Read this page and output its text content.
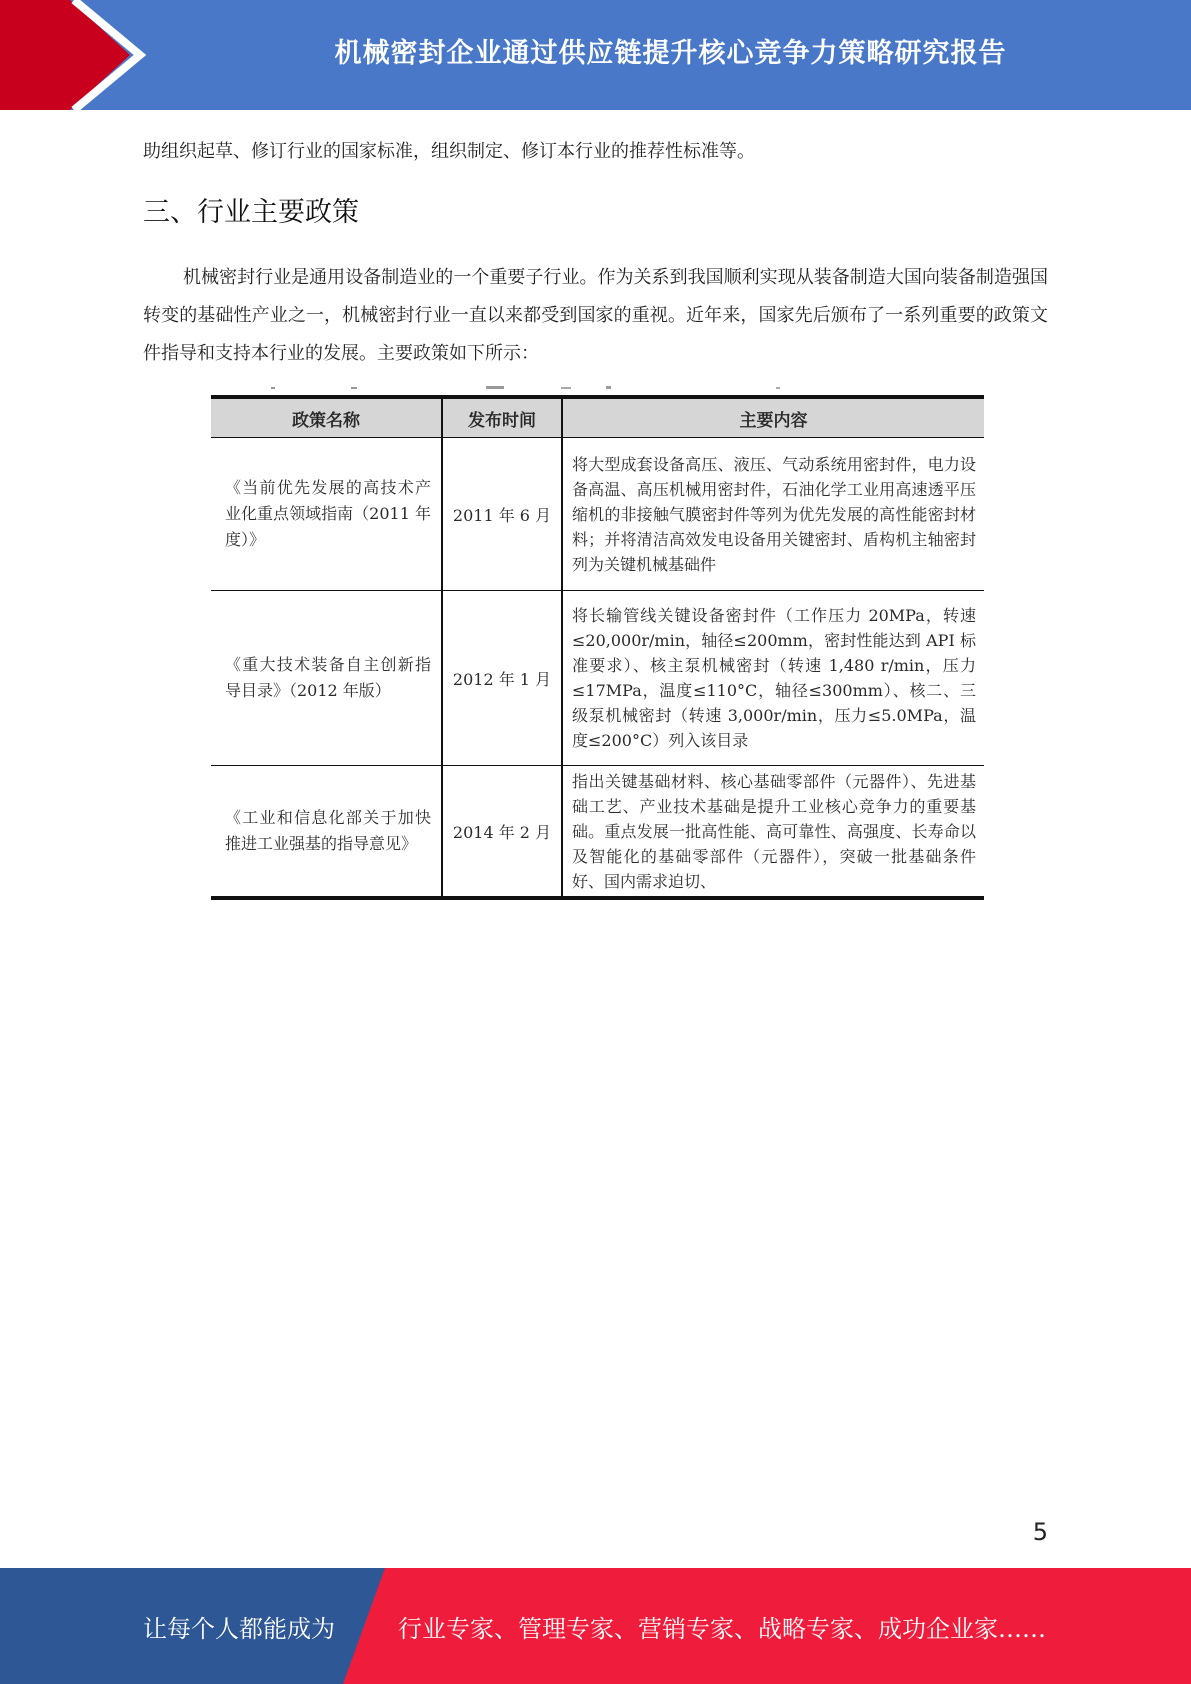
机械密封企业通过供应链提升核心竞争力策略研究报告
助组织起草、修订行业的国家标准，组织制定、修订本行业的推荐性标准等。
三、行业主要政策
机械密封行业是通用设备制造业的一个重要子行业。作为关系到我国顺利实现从装备制造大国向装备制造强国转变的基础性产业之一，机械密封行业一直以来都受到国家的重视。近年来，国家先后颁布了一系列重要的政策文件指导和支持本行业的发展。主要政策如下所示：
政策名称	发布时间	主要内容
《当前优先发展的高技术产业化重点领域指南（2011 年度）》	2011 年 6 月	将大型成套设备高压、液压、气动系统用密封件，电力设备高温、高压机械用密封件，石油化学工业用高速透平压缩机的非接触气膜密封件等列为优先发展的高性能密封材料；并将清洁高效发电设备用关键密封、盾构机主轴密封列为关键机械基础件
《重大技术装备自主创新指导目录》（2012 年版）	2012 年 1 月	将长输管线关键设备密封件（工作压力 20MPa，转速≤20,000r/min，轴径≤200mm，密封性能达到 API 标准要求）、核主泵机械密封（转速 1,480 r/min，压力≤17MPa，温度≤110°C，轴径≤300mm）、核二、三级泵机械密封（转速 3,000r/min，压力≤5.0MPa，温度≤200°C）列入该目录
《工业和信息化部关于加快推进工业强基的指导意见》	2014 年 2 月	指出关键基础材料、核心基础零部件（元器件）、先进基础工艺、产业技术基础是提升工业核心竞争力的重要基础。重点发展一批高性能、高可靠性、高强度、长寿命以及智能化的基础零部件（元器件），突破一批基础条件好、国内需求迫切、
5
让每个人都能成为	行业专家、管理专家、营销专家、战略专家、成功企业家……
